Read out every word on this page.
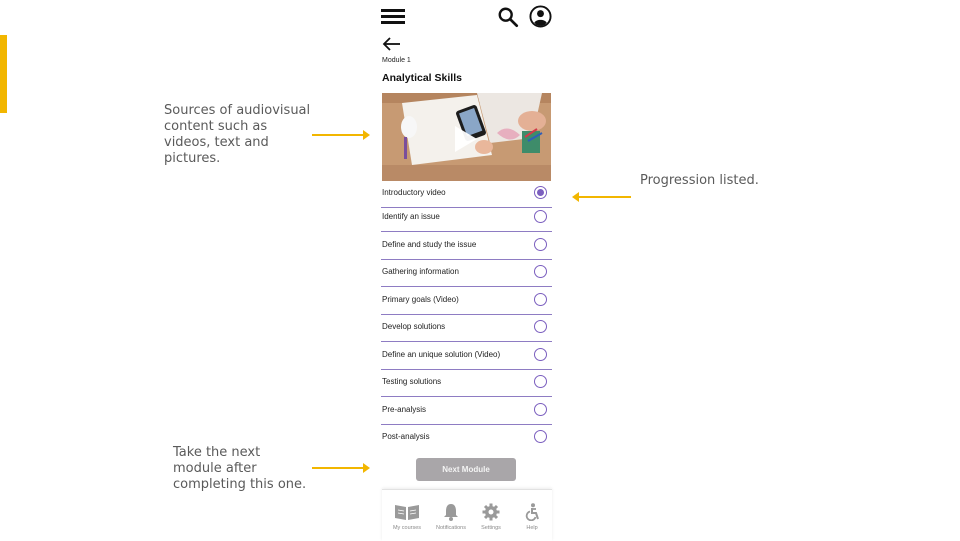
Sources of audiovisual
content such as
videos, text and
pictures.
Progression listed.
Take the next
module after
completing this one.
Module 1
Analytical Skills
Introductory video
Identify an issue
Define and study the issue
Gathering information
Primary goals (Video)
Develop solutions
Define an unique solution (Video)
Testing solutions
Pre-analysis
Post-analysis
Next Module
My courses	Notifications	Settings	Help
